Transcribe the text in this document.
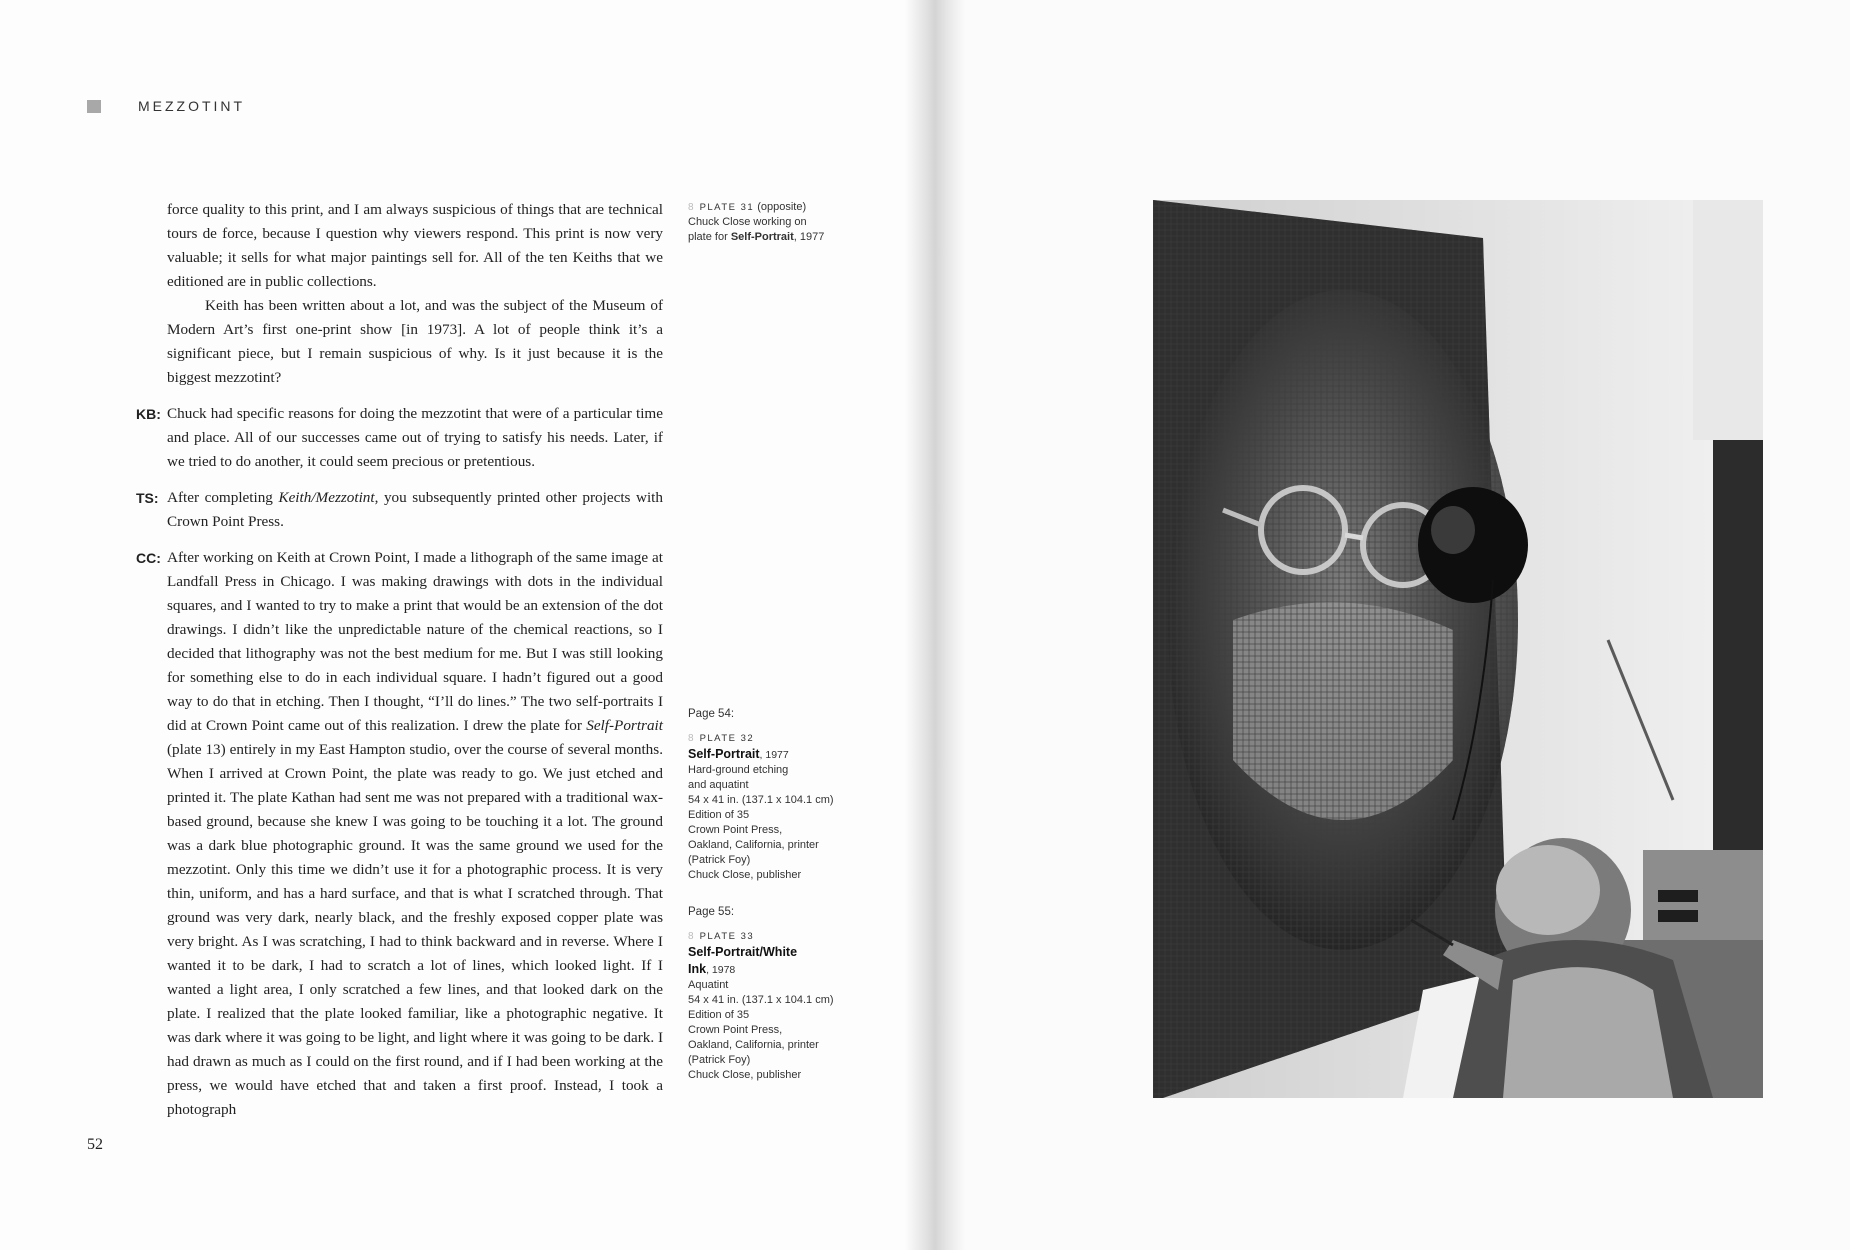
MEZZOTINT

force quality to this print, and I am always suspicious of things that are technical tours de force, because I question why viewers respond. This print is now very valuable; it sells for what major paintings sell for. All of the ten Keiths that we editioned are in public collections.

Keith has been written about a lot, and was the subject of the Museum of Modern Art’s first one-print show [in 1973]. A lot of people think it’s a significant piece, but I remain suspicious of why. Is it just because it is the biggest mezzotint?

KB: Chuck had specific reasons for doing the mezzotint that were of a particular time and place. All of our successes came out of trying to satisfy his needs. Later, if we tried to do another, it could seem precious or pretentious.
TS: After completing Keith/Mezzotint, you subsequently printed other projects with Crown Point Press.
CC: After working on Keith at Crown Point, I made a lithograph of the same image at Landfall Press in Chicago. I was making drawings with dots in the individual squares, and I wanted to try to make a print that would be an extension of the dot drawings. I didn’t like the unpredictable nature of the chemical reactions, so I decided that lithography was not the best medium for me. But I was still looking for something else to do in each individual square. I hadn’t figured out a good way to do that in etching. Then I thought, “I’ll do lines.” The two self-portraits I did at Crown Point came out of this realization. I drew the plate for Self-Portrait (plate 13) entirely in my East Hampton studio, over the course of several months. When I arrived at Crown Point, the plate was ready to go. We just etched and printed it. The plate Kathan had sent me was not prepared with a traditional wax-based ground, because she knew I was going to be touching it a lot. The ground was a dark blue photographic ground. It was the same ground we used for the mezzotint. Only this time we didn’t use it for a photographic process. It is very thin, uniform, and has a hard surface, and that is what I scratched through. That ground was very dark, nearly black, and the freshly exposed copper plate was very bright. As I was scratching, I had to think backward and in reverse. Where I wanted it to be dark, I had to scratch a lot of lines, which looked light. If I wanted a light area, I only scratched a few lines, and that looked dark on the plate. I realized that the plate looked familiar, like a photographic negative. It was dark where it was going to be light, and light where it was going to be dark. I had drawn as much as I could on the first round, and if I had been working at the press, we would have etched that and taken a first proof. Instead, I took a photograph
8 PLATE 31 (opposite)
Chuck Close working on
plate for Self-Portrait, 1977
Page 54:
8 PLATE 32
Self-Portrait, 1977
Hard-ground etching
and aquatint
54 x 41 in. (137.1 x 104.1 cm)
Edition of 35
Crown Point Press,
Oakland, California, printer
(Patrick Foy)
Chuck Close, publisher
Page 55:
8 PLATE 33
Self-Portrait/White
Ink, 1978
Aquatint
54 x 41 in. (137.1 x 104.1 cm)
Edition of 35
Crown Point Press,
Oakland, California, printer
(Patrick Foy)
Chuck Close, publisher
52
